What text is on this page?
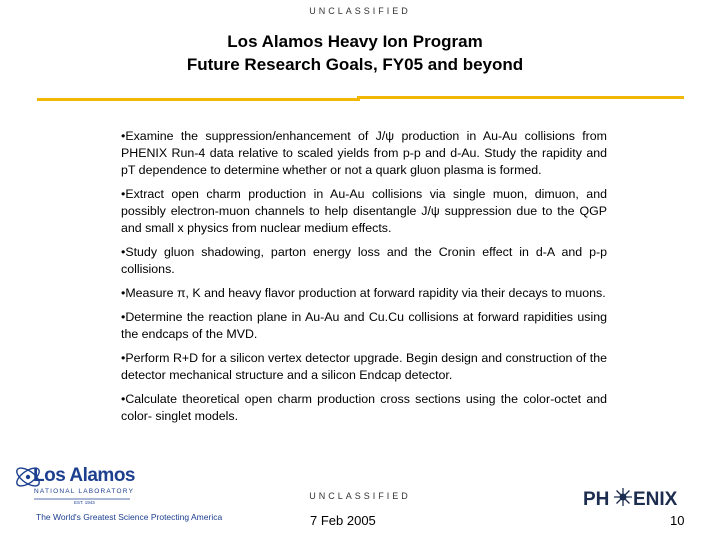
UNCLASSIFIED
Los Alamos Heavy Ion Program
Future Research Goals, FY05 and beyond

•Examine the suppression/enhancement of J/ψ production in Au-Au collisions from PHENIX Run-4 data relative to scaled yields from p-p and d-Au. Study the rapidity and pT dependence to determine whether or not a quark gluon plasma is formed.

•Extract open charm production in Au-Au collisions via single muon, dimuon, and possibly electron-muon channels to help disentangle J/ψ suppression due to the QGP and small x physics from nuclear medium effects.

•Study gluon shadowing, parton energy loss and the Cronin effect in d-A and p-p collisions.

•Measure π, K and heavy flavor production at forward rapidity via their decays to muons.

•Determine the reaction plane in Au-Au and Cu.Cu collisions at forward rapidities using the endcaps of the MVD.

•Perform R+D for a silicon vertex detector upgrade. Begin design and construction of the detector mechanical structure and a silicon Endcap detector.

•Calculate theoretical open charm production cross sections using the color-octet and color- singlet models.

Los Alamos
NATIONAL LABORATORY
EST. 1943
The World's Greatest Science Protecting America
UNCLASSIFIED	PH ENIX
7 Feb 2005	10
